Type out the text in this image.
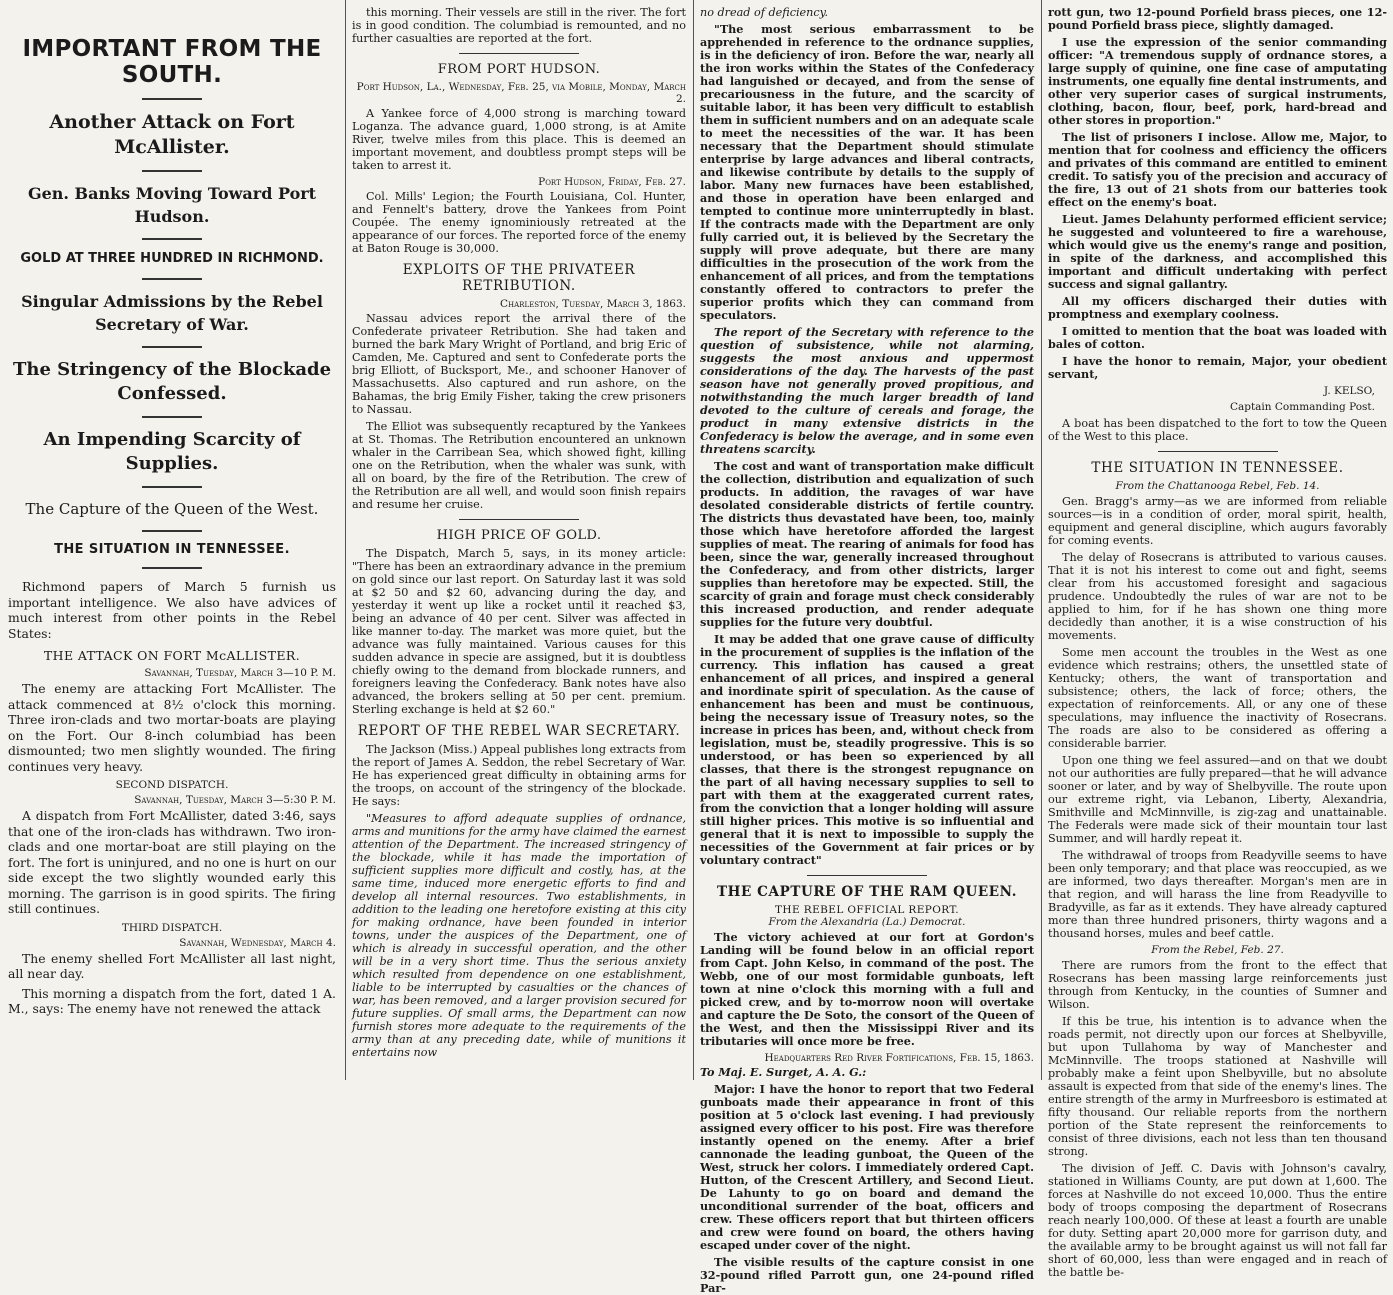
IMPORTANT FROM THE SOUTH.
Another Attack on Fort McAllister.
Gen. Banks Moving Toward Port Hudson.
GOLD AT THREE HUNDRED IN RICHMOND.
Singular Admissions by the Rebel Secretary of War.
The Stringency of the Blockade Confessed.
An Impending Scarcity of Supplies.
The Capture of the Queen of the West.
THE SITUATION IN TENNESSEE.

Richmond papers of March 5 furnish us important intelligence. We also have advices of much interest from other points in the Rebel States:

THE ATTACK ON FORT McALLISTER.
Savannah, Tuesday, March 3—10 P. M.

The enemy are attacking Fort McAllister. The attack commenced at 8½ o'clock this morning. Three iron-clads and two mortar-boats are playing on the Fort. Our 8-inch columbiad has been dismounted; two men slightly wounded. The firing continues very heavy.

SECOND DISPATCH.
Savannah, Tuesday, March 3—5:30 P. M.

A dispatch from Fort McAllister, dated 3:46, says that one of the iron-clads has withdrawn. Two iron-clads and one mortar-boat are still playing on the fort. The fort is uninjured, and no one is hurt on our side except the two slightly wounded early this morning. The garrison is in good spirits. The firing still continues.

THIRD DISPATCH.
Savannah, Wednesday, March 4.

The enemy shelled Fort McAllister all last night, all near day.

This morning a dispatch from the fort, dated 1 A. M., says: The enemy have not renewed the attack

this morning. Their vessels are still in the river. The fort is in good condition. The columbiad is remounted, and no further casualties are reported at the fort.

FROM PORT HUDSON.
Port Hudson, La., Wednesday, Feb. 25, via Mobile, Monday, March 2.

A Yankee force of 4,000 strong is marching toward Loganza. The advance guard, 1,000 strong, is at Amite River, twelve miles from this place. This is deemed an important movement, and doubtless prompt steps will be taken to arrest it.

Port Hudson, Friday, Feb. 27.

Col. Mills' Legion; the Fourth Louisiana, Col. Hunter, and Fennelt's battery, drove the Yankees from Point Coupée. The enemy ignominiously retreated at the appearance of our forces. The reported force of the enemy at Baton Rouge is 30,000.

EXPLOITS OF THE PRIVATEER RETRIBUTION.
Charleston, Tuesday, March 3, 1863.

Nassau advices report the arrival there of the Confederate privateer Retribution. She had taken and burned the bark Mary Wright of Portland, and brig Eric of Camden, Me. Captured and sent to Confederate ports the brig Elliott, of Bucksport, Me., and schooner Hanover of Massachusetts. Also captured and run ashore, on the Bahamas, the brig Emily Fisher, taking the crew prisoners to Nassau.

The Elliot was subsequently recaptured by the Yankees at St. Thomas. The Retribution encountered an unknown whaler in the Carribean Sea, which showed fight, killing one on the Retribution, when the whaler was sunk, with all on board, by the fire of the Retribution. The crew of the Retribution are all well, and would soon finish repairs and resume her cruise.

HIGH PRICE OF GOLD.

The Dispatch, March 5, says, in its money article: "There has been an extraordinary advance in the premium on gold since our last report. On Saturday last it was sold at $2 50 and $2 60, advancing during the day, and yesterday it went up like a rocket until it reached $3, being an advance of 40 per cent. Silver was affected in like manner to-day. The market was more quiet, but the advance was fully maintained. Various causes for this sudden advance in specie are assigned, but it is doubtless chiefly owing to the demand from blockade runners, and foreigners leaving the Confederacy. Bank notes have also advanced, the brokers selling at 50 per cent. premium. Sterling exchange is held at $2 60."

REPORT OF THE REBEL WAR SECRETARY.

The Jackson (Miss.) Appeal publishes long extracts from the report of James A. Seddon, the rebel Secretary of War. He has experienced great difficulty in obtaining arms for the troops, on account of the stringency of the blockade. He says:

"Measures to afford adequate supplies of ordnance, arms and munitions for the army have claimed the earnest attention of the Department. The increased stringency of the blockade, while it has made the importation of sufficient supplies more difficult and costly, has, at the same time, induced more energetic efforts to find and develop all internal resources. Two establishments, in addition to the leading one heretofore existing at this city for making ordnance, have been founded in interior towns, under the auspices of the Department, one of which is already in successful operation, and the other will be in a very short time. Thus the serious anxiety which resulted from dependence on one establishment, liable to be interrupted by casualties or the chances of war, has been removed, and a larger provision secured for future supplies. Of small arms, the Department can now furnish stores more adequate to the requirements of the army than at any preceding date, while of munitions it entertains now

no dread of deficiency.

"The most serious embarrassment to be apprehended in reference to the ordnance supplies, is in the deficiency of iron. Before the war, nearly all the iron works within the States of the Confederacy had languished or decayed, and from the sense of precariousness in the future, and the scarcity of suitable labor, it has been very difficult to establish them in sufficient numbers and on an adequate scale to meet the necessities of the war. It has been necessary that the Department should stimulate enterprise by large advances and liberal contracts, and likewise contribute by details to the supply of labor. Many new furnaces have been established, and those in operation have been enlarged and tempted to continue more uninterruptedly in blast. If the contracts made with the Department are only fully carried out, it is believed by the Secretary the supply will prove adequate, but there are many difficulties in the prosecution of the work from the enhancement of all prices, and from the temptations constantly offered to contractors to prefer the superior profits which they can command from speculators.

The report of the Secretary with reference to the question of subsistence, while not alarming, suggests the most anxious and uppermost considerations of the day. The harvests of the past season have not generally proved propitious, and notwithstanding the much larger breadth of land devoted to the culture of cereals and forage, the product in many extensive districts in the Confederacy is below the average, and in some even threatens scarcity.

The cost and want of transportation make difficult the collection, distribution and equalization of such products. In addition, the ravages of war have desolated considerable districts of fertile country. The districts thus devastated have been, too, mainly those which have heretofore afforded the largest supplies of meat. The rearing of animals for food has been, since the war, generally increased throughout the Confederacy, and from other districts, larger supplies than heretofore may be expected. Still, the scarcity of grain and forage must check considerably this increased production, and render adequate supplies for the future very doubtful.

It may be added that one grave cause of difficulty in the procurement of supplies is the inflation of the currency. This inflation has caused a great enhancement of all prices, and inspired a general and inordinate spirit of speculation. As the cause of enhancement has been and must be continuous, being the necessary issue of Treasury notes, so the increase in prices has been, and, without check from legislation, must be, steadily progressive. This is so understood, or has been so experienced by all classes, that there is the strongest repugnance on the part of all having necessary supplies to sell to part with them at the exaggerated current rates, from the conviction that a longer holding will assure still higher prices. This motive is so influential and general that it is next to impossible to supply the necessities of the Government at fair prices or by voluntary contract"

THE CAPTURE OF THE RAM QUEEN.
THE REBEL OFFICIAL REPORT.
From the Alexandria (La.) Democrat.

The victory achieved at our fort at Gordon's Landing will be found below in an official report from Capt. John Kelso, in command of the post. The Webb, one of our most formidable gunboats, left town at nine o'clock this morning with a full and picked crew, and by to-morrow noon will overtake and capture the De Soto, the consort of the Queen of the West, and then the Mississippi River and its tributaries will once more be free.

Headquarters Red River Fortifications, Feb. 15, 1863.

To Maj. E. Surget, A. A. G.:

Major: I have the honor to report that two Federal gunboats made their appearance in front of this position at 5 o'clock last evening. I had previously assigned every officer to his post. Fire was therefore instantly opened on the enemy. After a brief cannonade the leading gunboat, the Queen of the West, struck her colors. I immediately ordered Capt. Hutton, of the Crescent Artillery, and Second Lieut. De Lahunty to go on board and demand the unconditional surrender of the boat, officers and crew. These officers report that but thirteen officers and crew were found on board, the others having escaped under cover of the night.

The visible results of the capture consist in one 32-pound rifled Parrott gun, one 24-pound rifled Par-

rott gun, two 12-pound Porfield brass pieces, one 12-pound Porfield brass piece, slightly damaged.

I use the expression of the senior commanding officer: "A tremendous supply of ordnance stores, a large supply of quinine, one fine case of amputating instruments, one equally fine dental instruments, and other very superior cases of surgical instruments, clothing, bacon, flour, beef, pork, hard-bread and other stores in proportion."

The list of prisoners I inclose. Allow me, Major, to mention that for coolness and efficiency the officers and privates of this command are entitled to eminent credit. To satisfy you of the precision and accuracy of the fire, 13 out of 21 shots from our batteries took effect on the enemy's boat.

Lieut. James Delahunty performed efficient service; he suggested and volunteered to fire a warehouse, which would give us the enemy's range and position, in spite of the darkness, and accomplished this important and difficult undertaking with perfect success and signal gallantry.

All my officers discharged their duties with promptness and exemplary coolness.

I omitted to mention that the boat was loaded with bales of cotton.

I have the honor to remain, Major, your obedient servant,

J. KELSO,
Captain Commanding Post.

A boat has been dispatched to the fort to tow the Queen of the West to this place.

THE SITUATION IN TENNESSEE.
From the Chattanooga Rebel, Feb. 14.

Gen. Bragg's army—as we are informed from reliable sources—is in a condition of order, moral spirit, health, equipment and general discipline, which augurs favorably for coming events.

The delay of Rosecrans is attributed to various causes. That it is not his interest to come out and fight, seems clear from his accustomed foresight and sagacious prudence. Undoubtedly the rules of war are not to be applied to him, for if he has shown one thing more decidedly than another, it is a wise construction of his movements.

Some men account the troubles in the West as one evidence which restrains; others, the unsettled state of Kentucky; others, the want of transportation and subsistence; others, the lack of force; others, the expectation of reinforcements. All, or any one of these speculations, may influence the inactivity of Rosecrans. The roads are also to be considered as offering a considerable barrier.

Upon one thing we feel assured—and on that we doubt not our authorities are fully prepared—that he will advance sooner or later, and by way of Shelbyville. The route upon our extreme right, via Lebanon, Liberty, Alexandria, Smithville and McMinnville, is zig-zag and unattainable. The Federals were made sick of their mountain tour last Summer, and will hardly repeat it.

The withdrawal of troops from Readyville seems to have been only temporary; and that place was reoccupied, as we are informed, two days thereafter. Morgan's men are in that region, and will harass the line from Readyville to Bradyville, as far as it extends. They have already captured more than three hundred prisoners, thirty wagons and a thousand horses, mules and beef cattle.

From the Rebel, Feb. 27.

There are rumors from the front to the effect that Rosecrans has been massing large reinforcements just through from Kentucky, in the counties of Sumner and Wilson.

If this be true, his intention is to advance when the roads permit, not directly upon our forces at Shelbyville, but upon Tullahoma by way of Manchester and McMinnville. The troops stationed at Nashville will probably make a feint upon Shelbyville, but no absolute assault is expected from that side of the enemy's lines. The entire strength of the army in Murfreesboro is estimated at fifty thousand. Our reliable reports from the northern portion of the State represent the reinforcements to consist of three divisions, each not less than ten thousand strong.

The division of Jeff. C. Davis with Johnson's cavalry, stationed in Williams County, are put down at 1,600. The forces at Nashville do not exceed 10,000. Thus the entire body of troops composing the department of Rosecrans reach nearly 100,000. Of these at least a fourth are unable for duty. Setting apart 20,000 more for garrison duty, and the available army to be brought against us will not fall far short of 60,000, less than were engaged and in reach of the battle be-
